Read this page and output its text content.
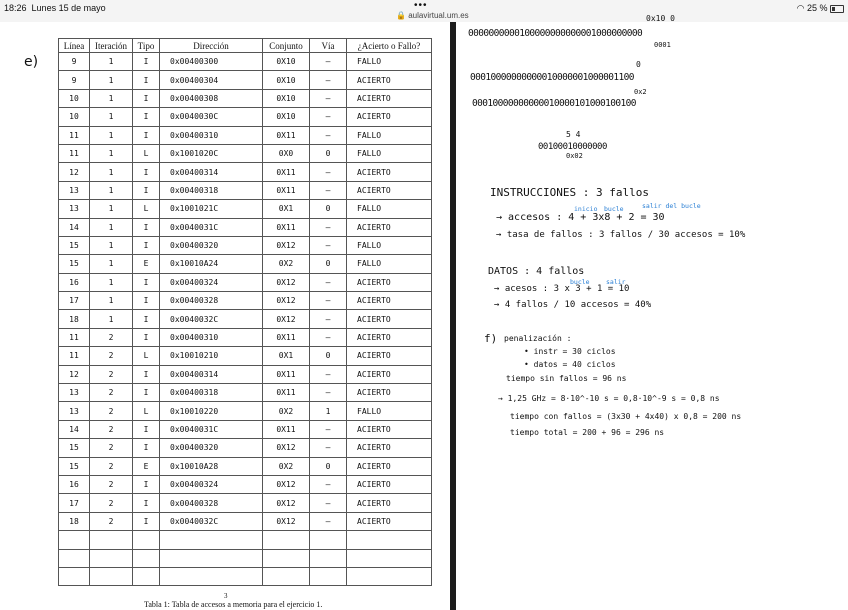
18:26 Lunes 15 de mayo	•••
🔒 aulavirtual.um.es
◠ 25 %
e)
Línea	Iteración	Tipo	Dirección	Conjunto	Vía	¿Acierto o Fallo?
9	1	I	0x00400300	0X10	—	FALLO
9	1	I	0x00400304	0X10	—	ACIERTO
10	1	I	0x00400308	0X10	—	ACIERTO
10	1	I	0x0040030C	0X10	—	ACIERTO
11	1	I	0x00400310	0X11	—	FALLO
11	1	L	0x1001020C	0X0	0	FALLO
12	1	I	0x00400314	0X11	—	ACIERTO
13	1	I	0x00400318	0X11	—	ACIERTO
13	1	L	0x1001021C	0X1	0	FALLO
14	1	I	0x0040031C	0X11	—	ACIERTO
15	1	I	0x00400320	0X12	—	FALLO
15	1	E	0x10010A24	0X2	0	FALLO
16	1	I	0x00400324	0X12	—	ACIERTO
17	1	I	0x00400328	0X12	—	ACIERTO
18	1	I	0x0040032C	0X12	—	ACIERTO
11	2	I	0x00400310	0X11	—	ACIERTO
11	2	L	0x10010210	0X1	0	ACIERTO
12	2	I	0x00400314	0X11	—	ACIERTO
13	2	I	0x00400318	0X11	—	ACIERTO
13	2	L	0x10010220	0X2	1	FALLO
14	2	I	0x0040031C	0X11	—	ACIERTO
15	2	I	0x00400320	0X12	—	ACIERTO
15	2	E	0x10010A28	0X2	0	ACIERTO
16	2	I	0x00400324	0X12	—	ACIERTO
17	2	I	0x00400328	0X12	—	ACIERTO
18	2	I	0x0040032C	0X12	—	ACIERTO

3
Tabla 1: Tabla de accesos a memoria para el ejercicio 1.
0x10 0
0000000000100000000000001000000000
0001
0
00010000000000010000001000001100
0x2
00010000000000010000101000100100
5 4
00100010000000
0x02
INSTRUCCIONES : 3 fallos
inicio bucle	salir del bucle
→ accesos : 4 + 3x8 + 2 = 30
→ tasa de fallos : 3 fallos / 30 accesos = 10%
DATOS : 4 fallos
bucle	salir
→ acesos : 3 x 3 + 1 = 10
→ 4 fallos / 10 accesos = 40%
f) penalización :
• instr = 30 ciclos
• datos = 40 ciclos
tiempo sin fallos = 96 ns
→ 1,25 GHz = 8·10^-10 s = 0,8·10^-9 s = 0,8 ns
tiempo con fallos = (3x30 + 4x40) x 0,8 = 200 ns
tiempo total = 200 + 96 = 296 ns
